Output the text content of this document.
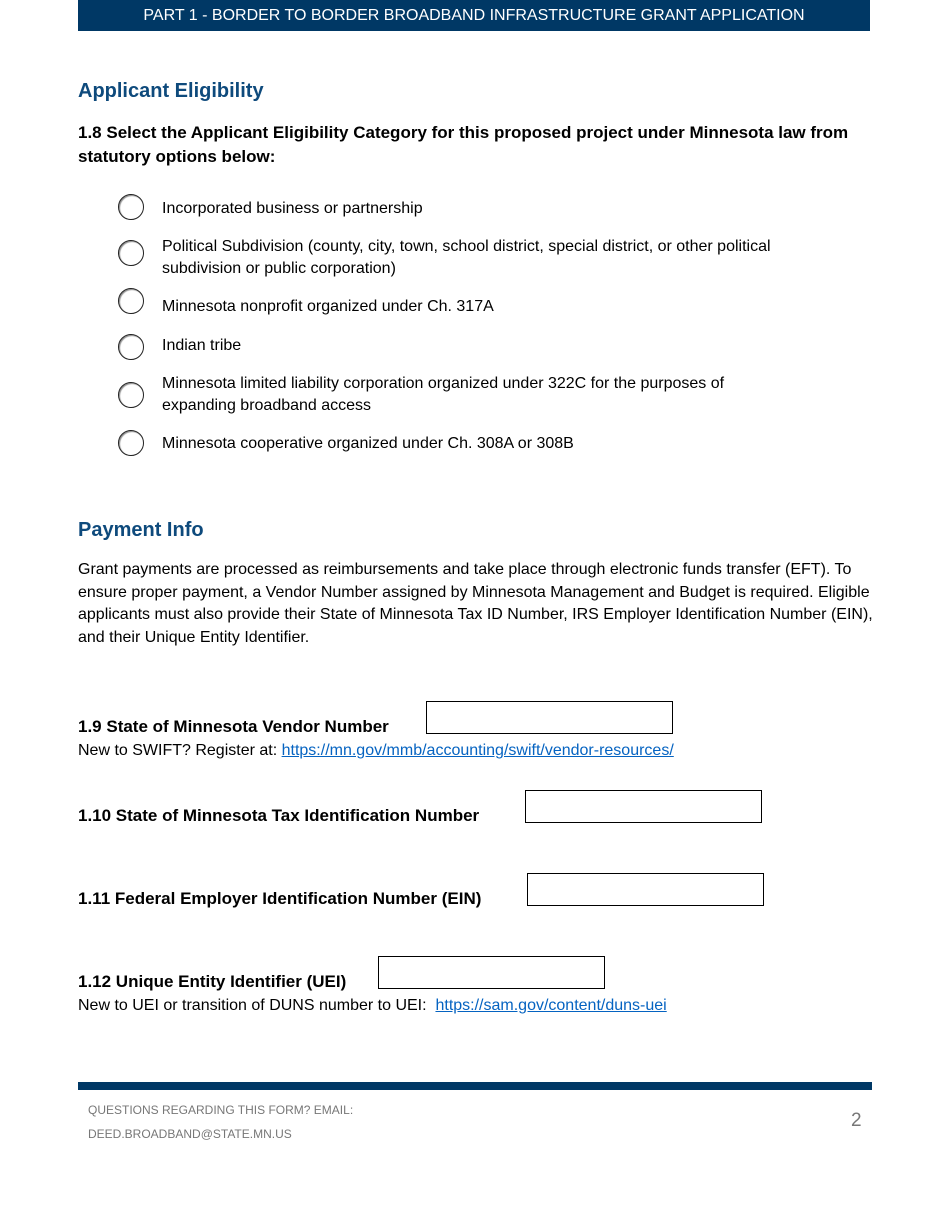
PART 1 - BORDER TO BORDER BROADBAND INFRASTRUCTURE GRANT APPLICATION
Applicant Eligibility
1.8 Select the Applicant Eligibility Category for this proposed project under Minnesota law from statutory options below:
Incorporated business or partnership
Political Subdivision (county, city, town, school district, special district, or other political subdivision or public corporation)
Minnesota nonprofit organized under Ch. 317A
Indian tribe
Minnesota limited liability corporation organized under 322C for the purposes of expanding broadband access
Minnesota cooperative organized under Ch. 308A or 308B
Payment Info
Grant payments are processed as reimbursements and take place through electronic funds transfer (EFT). To ensure proper payment, a Vendor Number assigned by Minnesota Management and Budget is required. Eligible applicants must also provide their State of Minnesota Tax ID Number, IRS Employer Identification Number (EIN), and their Unique Entity Identifier.
1.9 State of Minnesota Vendor Number
New to SWIFT? Register at: https://mn.gov/mmb/accounting/swift/vendor-resources/
1.10 State of Minnesota Tax Identification Number
1.11 Federal Employer Identification Number (EIN)
1.12 Unique Entity Identifier (UEI)
New to UEI or transition of DUNS number to UEI:  https://sam.gov/content/duns-uei
QUESTIONS REGARDING THIS FORM? EMAIL:
DEED.BROADBAND@STATE.MN.US
2
